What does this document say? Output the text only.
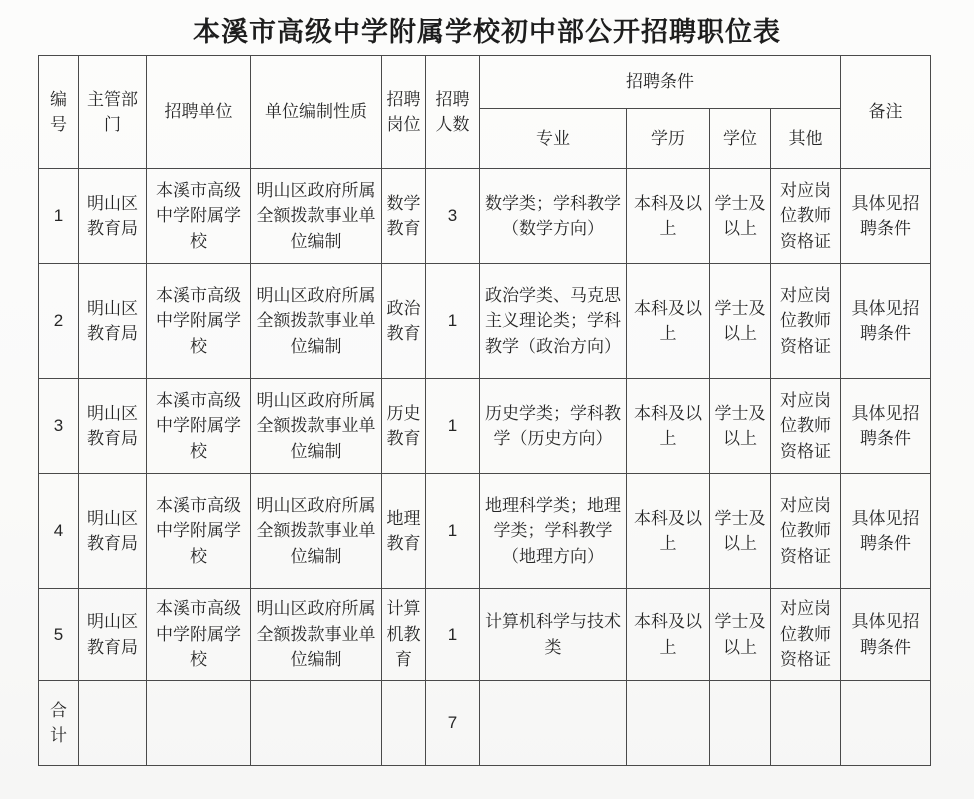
本溪市高级中学附属学校初中部公开招聘职位表
编号	主管部门	招聘单位	单位编制性质	招聘岗位	招聘人数	招聘条件				备注
						专业	学历	学位	其他	
1	明山区教育局	本溪市高级中学附属学校	明山区政府所属全额拨款事业单位编制	数学教育	3	数学类；学科教学（数学方向）	本科及以上	学士及以上	对应岗位教师资格证	具体见招聘条件
2	明山区教育局	本溪市高级中学附属学校	明山区政府所属全额拨款事业单位编制	政治教育	1	政治学类、马克思主义理论类；学科教学（政治方向）	本科及以上	学士及以上	对应岗位教师资格证	具体见招聘条件
3	明山区教育局	本溪市高级中学附属学校	明山区政府所属全额拨款事业单位编制	历史教育	1	历史学类；学科教学（历史方向）	本科及以上	学士及以上	对应岗位教师资格证	具体见招聘条件
4	明山区教育局	本溪市高级中学附属学校	明山区政府所属全额拨款事业单位编制	地理教育	1	地理科学类；地理学类；学科教学（地理方向）	本科及以上	学士及以上	对应岗位教师资格证	具体见招聘条件
5	明山区教育局	本溪市高级中学附属学校	明山区政府所属全额拨款事业单位编制	计算机教育	1	计算机科学与技术类	本科及以上	学士及以上	对应岗位教师资格证	具体见招聘条件
合计					7					
